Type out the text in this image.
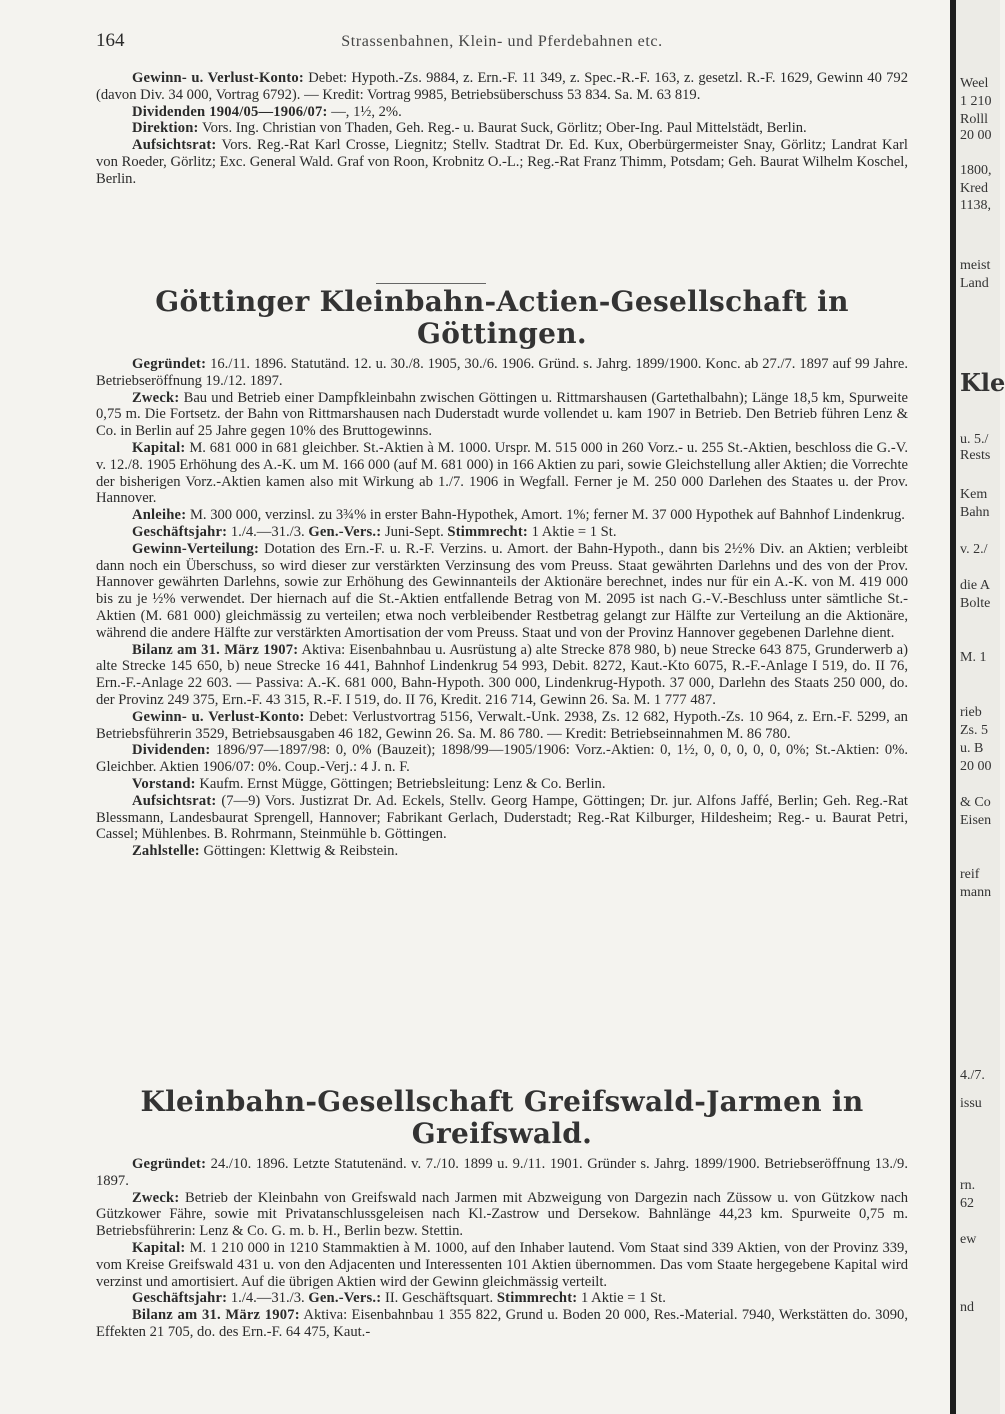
164	Strassenbahnen, Klein- und Pferdebahnen etc.

Gewinn- u. Verlust-Konto: Debet: Hypoth.-Zs. 9884, z. Ern.-F. 11 349, z. Spec.-R.-F. 163, z. gesetzl. R.-F. 1629, Gewinn 40 792 (davon Div. 34 000, Vortrag 6792). — Kredit: Vortrag 9985, Betriebsüberschuss 53 834. Sa. M. 63 819.

Dividenden 1904/05—1906/07: —, 1½, 2%.

Direktion: Vors. Ing. Christian von Thaden, Geh. Reg.- u. Baurat Suck, Görlitz; Ober-Ing. Paul Mittelstädt, Berlin.

Aufsichtsrat: Vors. Reg.-Rat Karl Crosse, Liegnitz; Stellv. Stadtrat Dr. Ed. Kux, Oberbürgermeister Snay, Görlitz; Landrat Karl von Roeder, Görlitz; Exc. General Wald. Graf von Roon, Krobnitz O.-L.; Reg.-Rat Franz Thimm, Potsdam; Geh. Baurat Wilhelm Koschel, Berlin.

Göttinger Kleinbahn-Actien-Gesellschaft in Göttingen.

Gegründet: 16./11. 1896. Statutänd. 12. u. 30./8. 1905, 30./6. 1906. Gründ. s. Jahrg. 1899/1900. Konc. ab 27./7. 1897 auf 99 Jahre. Betriebseröffnung 19./12. 1897.

Zweck: Bau und Betrieb einer Dampfkleinbahn zwischen Göttingen u. Rittmarshausen (Gartethalbahn); Länge 18,5 km, Spurweite 0,75 m. Die Fortsetz. der Bahn von Rittmarshausen nach Duderstadt wurde vollendet u. kam 1907 in Betrieb. Den Betrieb führen Lenz & Co. in Berlin auf 25 Jahre gegen 10% des Bruttogewinns.

Kapital: M. 681 000 in 681 gleichber. St.-Aktien à M. 1000. Urspr. M. 515 000 in 260 Vorz.- u. 255 St.-Aktien, beschloss die G.-V. v. 12./8. 1905 Erhöhung des A.-K. um M. 166 000 (auf M. 681 000) in 166 Aktien zu pari, sowie Gleichstellung aller Aktien; die Vorrechte der bisherigen Vorz.-Aktien kamen also mit Wirkung ab 1./7. 1906 in Wegfall. Ferner je M. 250 000 Darlehen des Staates u. der Prov. Hannover.

Anleihe: M. 300 000, verzinsl. zu 3¾% in erster Bahn-Hypothek, Amort. 1%; ferner M. 37 000 Hypothek auf Bahnhof Lindenkrug.

Geschäftsjahr: 1./4.—31./3. Gen.-Vers.: Juni-Sept. Stimmrecht: 1 Aktie = 1 St.

Gewinn-Verteilung: Dotation des Ern.-F. u. R.-F. Verzins. u. Amort. der Bahn-Hypoth., dann bis 2½% Div. an Aktien; verbleibt dann noch ein Überschuss, so wird dieser zur verstärkten Verzinsung des vom Preuss. Staat gewährten Darlehns und des von der Prov. Hannover gewährten Darlehns, sowie zur Erhöhung des Gewinnanteils der Aktionäre berechnet, indes nur für ein A.-K. von M. 419 000 bis zu je ½% verwendet. Der hiernach auf die St.-Aktien entfallende Betrag von M. 2095 ist nach G.-V.-Beschluss unter sämtliche St.-Aktien (M. 681 000) gleichmässig zu verteilen; etwa noch verbleibender Restbetrag gelangt zur Hälfte zur Verteilung an die Aktionäre, während die andere Hälfte zur verstärkten Amortisation der vom Preuss. Staat und von der Provinz Hannover gegebenen Darlehne dient.

Bilanz am 31. März 1907: Aktiva: Eisenbahnbau u. Ausrüstung a) alte Strecke 878 980, b) neue Strecke 643 875, Grunderwerb a) alte Strecke 145 650, b) neue Strecke 16 441, Bahnhof Lindenkrug 54 993, Debit. 8272, Kaut.-Kto 6075, R.-F.-Anlage I 519, do. II 76, Ern.-F.-Anlage 22 603. — Passiva: A.-K. 681 000, Bahn-Hypoth. 300 000, Lindenkrug-Hypoth. 37 000, Darlehn des Staats 250 000, do. der Provinz 249 375, Ern.-F. 43 315, R.-F. I 519, do. II 76, Kredit. 216 714, Gewinn 26. Sa. M. 1 777 487.

Gewinn- u. Verlust-Konto: Debet: Verlustvortrag 5156, Verwalt.-Unk. 2938, Zs. 12 682, Hypoth.-Zs. 10 964, z. Ern.-F. 5299, an Betriebsführerin 3529, Betriebsausgaben 46 182, Gewinn 26. Sa. M. 86 780. — Kredit: Betriebseinnahmen M. 86 780.

Dividenden: 1896/97—1897/98: 0, 0% (Bauzeit); 1898/99—1905/1906: Vorz.-Aktien: 0, 1½, 0, 0, 0, 0, 0, 0%; St.-Aktien: 0%. Gleichber. Aktien 1906/07: 0%. Coup.-Verj.: 4 J. n. F.

Vorstand: Kaufm. Ernst Mügge, Göttingen; Betriebsleitung: Lenz & Co. Berlin.

Aufsichtsrat: (7—9) Vors. Justizrat Dr. Ad. Eckels, Stellv. Georg Hampe, Göttingen; Dr. jur. Alfons Jaffé, Berlin; Geh. Reg.-Rat Blessmann, Landesbaurat Sprengell, Hannover; Fabrikant Gerlach, Duderstadt; Reg.-Rat Kilburger, Hildesheim; Reg.- u. Baurat Petri, Cassel; Mühlenbes. B. Rohrmann, Steinmühle b. Göttingen.

Zahlstelle: Göttingen: Klettwig & Reibstein.

Kleinbahn-Gesellschaft Greifswald-Jarmen in Greifswald.

Gegründet: 24./10. 1896. Letzte Statutenänd. v. 7./10. 1899 u. 9./11. 1901. Gründer s. Jahrg. 1899/1900. Betriebseröffnung 13./9. 1897.

Zweck: Betrieb der Kleinbahn von Greifswald nach Jarmen mit Abzweigung von Dargezin nach Züssow u. von Gützkow nach Gützkower Fähre, sowie mit Privatanschlussgeleisen nach Kl.-Zastrow und Dersekow. Bahnlänge 44,23 km. Spurweite 0,75 m. Betriebsführerin: Lenz & Co. G. m. b. H., Berlin bezw. Stettin.

Kapital: M. 1 210 000 in 1210 Stammaktien à M. 1000, auf den Inhaber lautend. Vom Staat sind 339 Aktien, von der Provinz 339, vom Kreise Greifswald 431 u. von den Adjacenten und Interessenten 101 Aktien übernommen. Das vom Staate hergegebene Kapital wird verzinst und amortisiert. Auf die übrigen Aktien wird der Gewinn gleichmässig verteilt.

Geschäftsjahr: 1./4.—31./3. Gen.-Vers.: II. Geschäftsquart. Stimmrecht: 1 Aktie = 1 St.

Bilanz am 31. März 1907: Aktiva: Eisenbahnbau 1 355 822, Grund u. Boden 20 000, Res.-Material. 7940, Werkstätten do. 3090, Effekten 21 705, do. des Ern.-F. 64 475, Kaut.-

Weel
1 210
Rolll
20 00
1800,
Kred
1138,
meist
Land
Kle
u. 5./
Rests
Kem
Bahn
v. 2./
die A
Bolte
M. 1
rieb
Zs. 5
u. B
20 00
& Co
Eisen
reif
mann
4./7.
issu
rn.
62
ew
nd
